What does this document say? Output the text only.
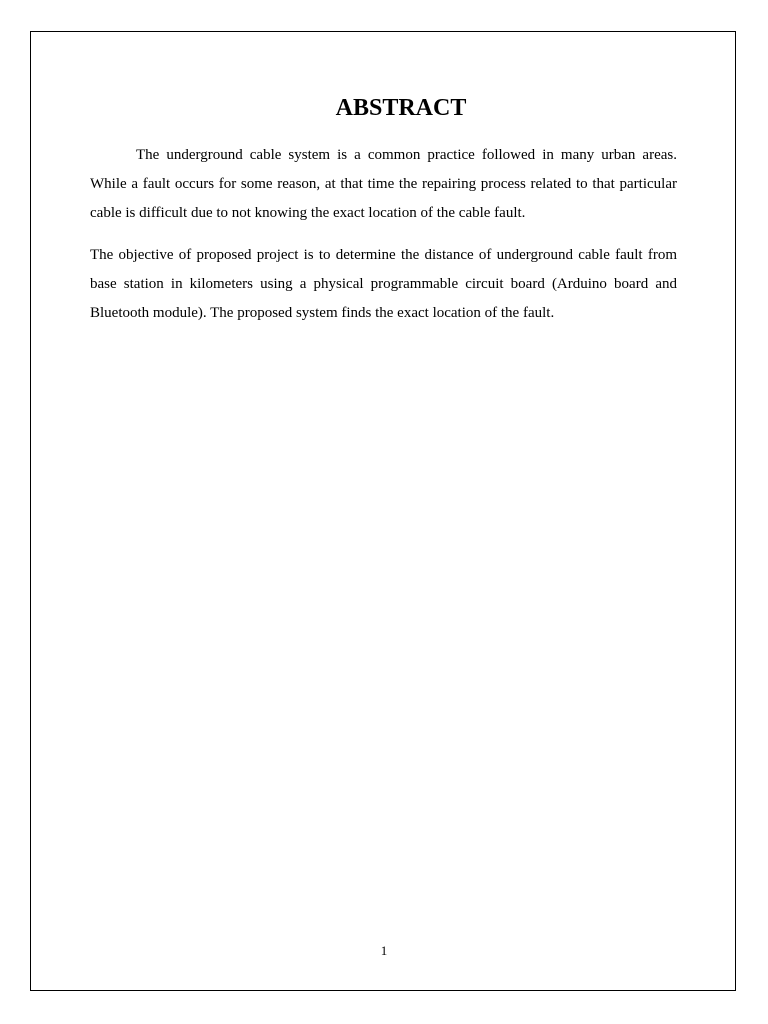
ABSTRACT

The underground cable system is a common practice followed in many urban areas. While a fault occurs for some reason, at that time the repairing process related to that particular cable is difficult due to not knowing the exact location of the cable fault.

The objective of proposed project is to determine the distance of underground cable fault from base station in kilometers using a physical programmable circuit board (Arduino board and Bluetooth module). The proposed system finds the exact location of the fault.

1
